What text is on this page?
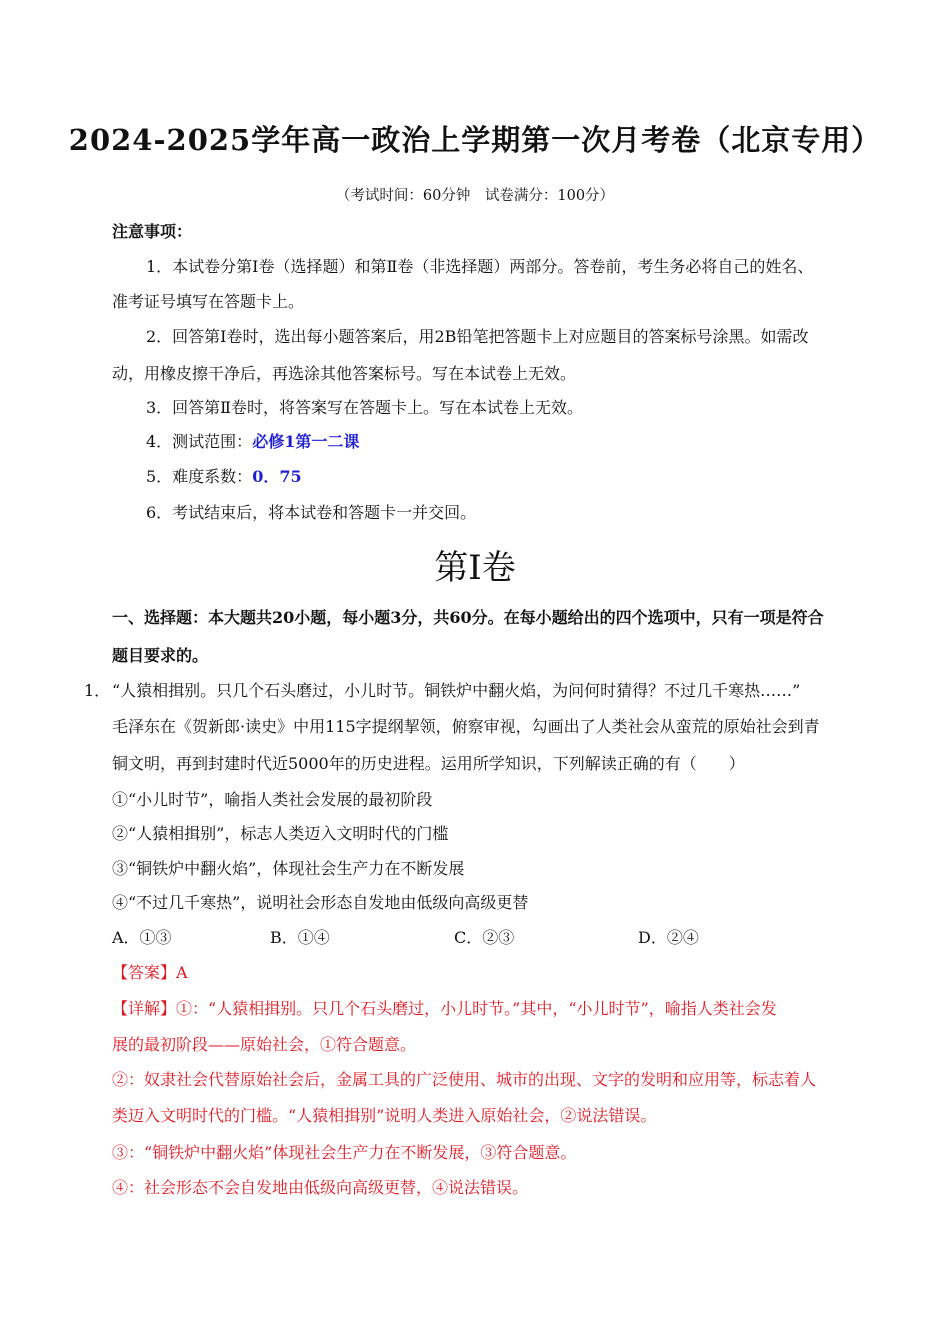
2024-2025学年高一政治上学期第一次月考卷（北京专用）
（考试时间：60分钟　试卷满分：100分）
注意事项：
1．本试卷分第Ⅰ卷（选择题）和第Ⅱ卷（非选择题）两部分。答卷前，考生务必将自己的姓名、
准考证号填写在答题卡上。
2．回答第Ⅰ卷时，选出每小题答案后，用2B铅笔把答题卡上对应题目的答案标号涂黑。如需改
动，用橡皮擦干净后，再选涂其他答案标号。写在本试卷上无效。
3．回答第Ⅱ卷时，将答案写在答题卡上。写在本试卷上无效。
4．测试范围：必修1第一二课
5．难度系数：0．75
6．考试结束后，将本试卷和答题卡一并交回。
第Ⅰ卷
一、选择题：本大题共20小题，每小题3分，共60分。在每小题给出的四个选项中，只有一项是符合
题目要求的。
1． “人猿相揖别。只几个石头磨过，小儿时节。铜铁炉中翻火焰，为问何时猜得？不过几千寒热……”
毛泽东在《贺新郎·读史》中用115字提纲挈领，俯察审视，勾画出了人类社会从蛮荒的原始社会到青
铜文明，再到封建时代近5000年的历史进程。运用所学知识，下列解读正确的有（　　）
①“小儿时节”，喻指人类社会发展的最初阶段
②“人猿相揖别”，标志人类迈入文明时代的门槛
③“铜铁炉中翻火焰”，体现社会生产力在不断发展
④“不过几千寒热”，说明社会形态自发地由低级向高级更替
A．①③	B．①④	C．②③	D．②④
【答案】A
【详解】①：“人猿相揖别。只几个石头磨过，小儿时节。”其中，“小儿时节”，喻指人类社会发
展的最初阶段——原始社会，①符合题意。
②：奴隶社会代替原始社会后，金属工具的广泛使用、城市的出现、文字的发明和应用等，标志着人
类迈入文明时代的门槛。“人猿相揖别”说明人类进入原始社会，②说法错误。
③：“铜铁炉中翻火焰”体现社会生产力在不断发展，③符合题意。
④：社会形态不会自发地由低级向高级更替，④说法错误。
